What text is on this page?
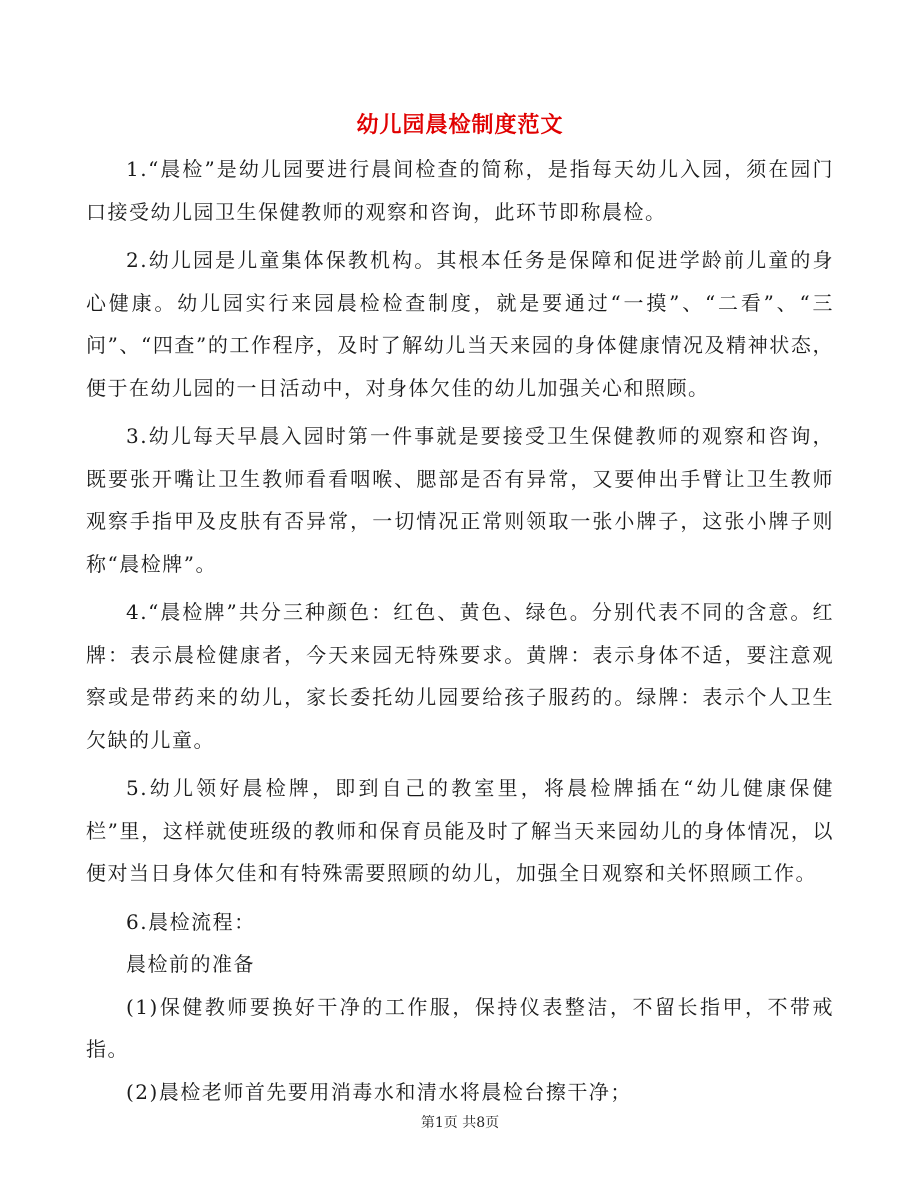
幼儿园晨检制度范文

1.“晨检”是幼儿园要进行晨间检查的简称，是指每天幼儿入园，须在园门口接受幼儿园卫生保健教师的观察和咨询，此环节即称晨检。

2.幼儿园是儿童集体保教机构。其根本任务是保障和促进学龄前儿童的身心健康。幼儿园实行来园晨检检查制度，就是要通过“一摸”、“二看”、“三问”、“四查”的工作程序，及时了解幼儿当天来园的身体健康情况及精神状态，便于在幼儿园的一日活动中，对身体欠佳的幼儿加强关心和照顾。

3.幼儿每天早晨入园时第一件事就是要接受卫生保健教师的观察和咨询，既要张开嘴让卫生教师看看咽喉、腮部是否有异常，又要伸出手臂让卫生教师观察手指甲及皮肤有否异常，一切情况正常则领取一张小牌子，这张小牌子则称“晨检牌”。

4.“晨检牌”共分三种颜色：红色、黄色、绿色。分别代表不同的含意。红牌：表示晨检健康者，今天来园无特殊要求。黄牌：表示身体不适，要注意观察或是带药来的幼儿，家长委托幼儿园要给孩子服药的。绿牌：表示个人卫生欠缺的儿童。

5.幼儿领好晨检牌，即到自己的教室里，将晨检牌插在“幼儿健康保健栏”里，这样就使班级的教师和保育员能及时了解当天来园幼儿的身体情况，以便对当日身体欠佳和有特殊需要照顾的幼儿，加强全日观察和关怀照顾工作。

6.晨检流程：

晨检前的准备

(1)保健教师要换好干净的工作服，保持仪表整洁，不留长指甲，不带戒指。

(2)晨检老师首先要用消毒水和清水将晨检台擦干净；

第1页 共8页
